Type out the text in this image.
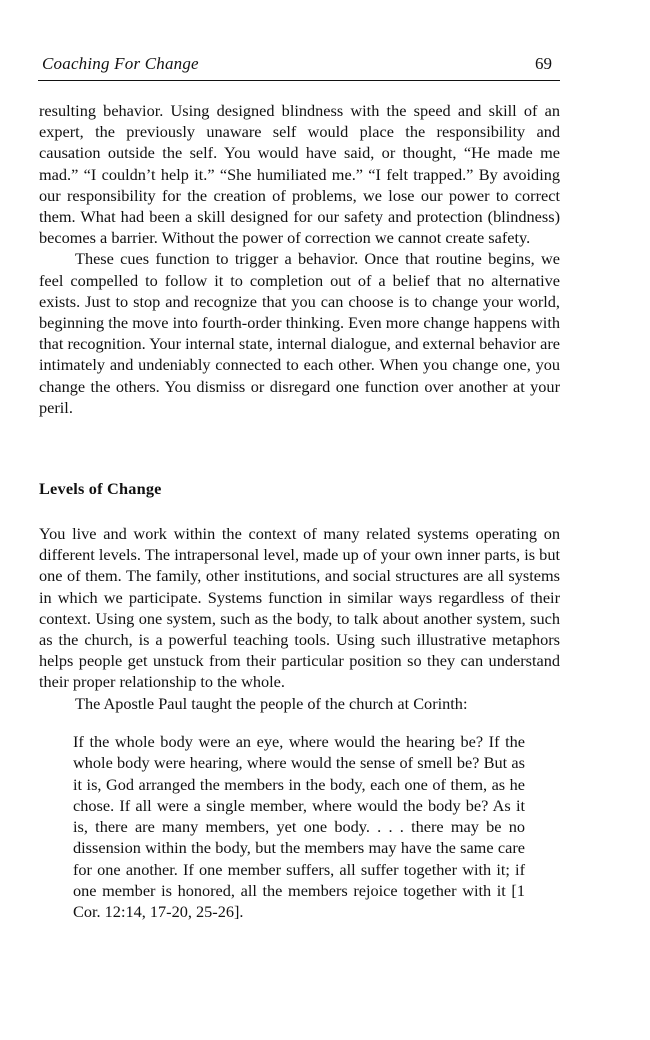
Coaching For Change	69

resulting behavior. Using designed blindness with the speed and skill of an expert, the previously unaware self would place the responsibility and causation outside the self. You would have said, or thought, “He made me mad.” “I couldn’t help it.” “She humiliated me.” “I felt trapped.” By avoiding our responsibility for the creation of problems, we lose our power to correct them. What had been a skill designed for our safety and protection (blindness) becomes a barrier. Without the power of correction we cannot create safety.

These cues function to trigger a behavior. Once that routine begins, we feel compelled to follow it to completion out of a belief that no alternative exists. Just to stop and recognize that you can choose is to change your world, beginning the move into fourth-order thinking. Even more change happens with that recognition. Your internal state, internal dialogue, and external behavior are intimately and undeniably connected to each other. When you change one, you change the others. You dismiss or disregard one function over another at your peril.

Levels of Change

You live and work within the context of many related systems operating on different levels. The intrapersonal level, made up of your own inner parts, is but one of them. The family, other institutions, and social structures are all systems in which we participate. Systems function in similar ways regardless of their context. Using one system, such as the body, to talk about another system, such as the church, is a powerful teaching tools. Using such illustrative metaphors helps people get unstuck from their particular position so they can understand their proper relationship to the whole.

The Apostle Paul taught the people of the church at Corinth:

If the whole body were an eye, where would the hearing be? If the whole body were hearing, where would the sense of smell be? But as it is, God arranged the members in the body, each one of them, as he chose. If all were a single member, where would the body be? As it is, there are many members, yet one body. . . . there may be no dissension within the body, but the members may have the same care for one another. If one member suffers, all suffer together with it; if one member is honored, all the members rejoice together with it [1 Cor. 12:14, 17-20, 25-26].
